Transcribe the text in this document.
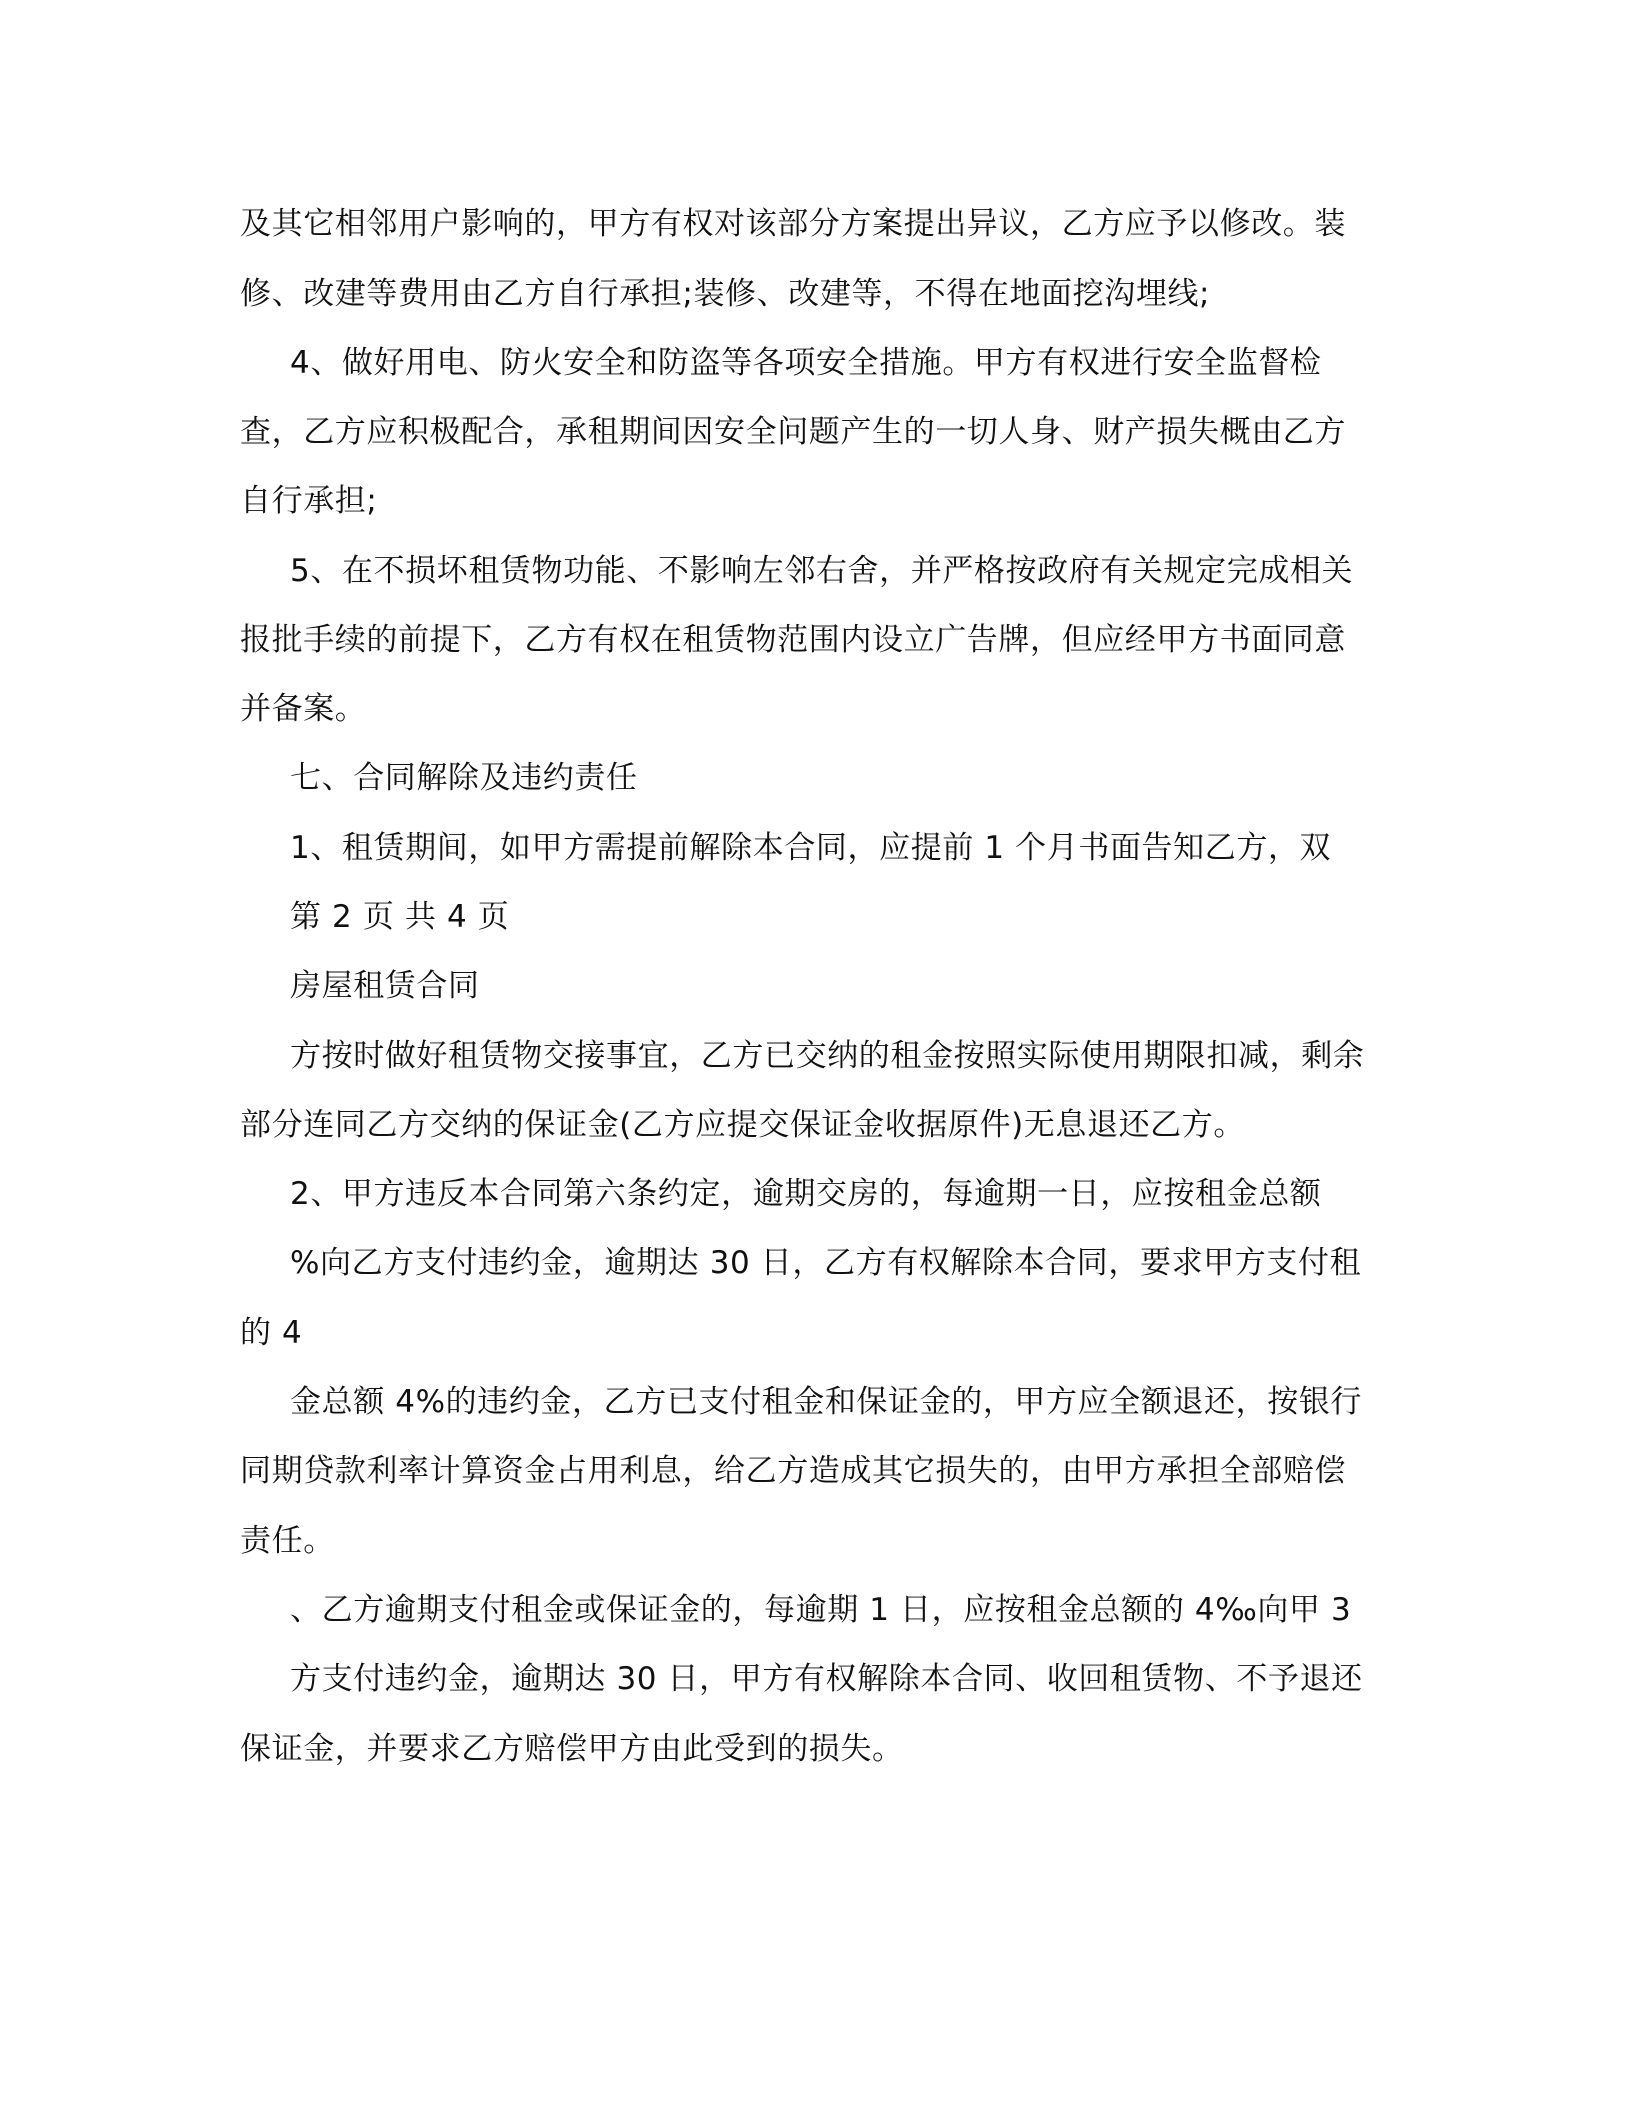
及其它相邻用户影响的，甲方有权对该部分方案提出异议，乙方应予以修改。装
修、改建等费用由乙方自行承担;装修、改建等，不得在地面挖沟埋线;
4、做好用电、防火安全和防盗等各项安全措施。甲方有权进行安全监督检
查，乙方应积极配合，承租期间因安全问题产生的一切人身、财产损失概由乙方
自行承担;
5、在不损坏租赁物功能、不影响左邻右舍，并严格按政府有关规定完成相关
报批手续的前提下，乙方有权在租赁物范围内设立广告牌，但应经甲方书面同意
并备案。
七、合同解除及违约责任
1、租赁期间，如甲方需提前解除本合同，应提前 1 个月书面告知乙方，双
第 2 页 共 4 页
房屋租赁合同
方按时做好租赁物交接事宜，乙方已交纳的租金按照实际使用期限扣减，剩余
部分连同乙方交纳的保证金(乙方应提交保证金收据原件)无息退还乙方。
2、甲方违反本合同第六条约定，逾期交房的，每逾期一日，应按租金总额
%向乙方支付违约金，逾期达 30 日，乙方有权解除本合同，要求甲方支付租
的 4
金总额 4%的违约金，乙方已支付租金和保证金的，甲方应全额退还，按银行
同期贷款利率计算资金占用利息，给乙方造成其它损失的，由甲方承担全部赔偿
责任。
、乙方逾期支付租金或保证金的，每逾期 1 日，应按租金总额的 4‰向甲 3
方支付违约金，逾期达 30 日，甲方有权解除本合同、收回租赁物、不予退还
保证金，并要求乙方赔偿甲方由此受到的损失。
